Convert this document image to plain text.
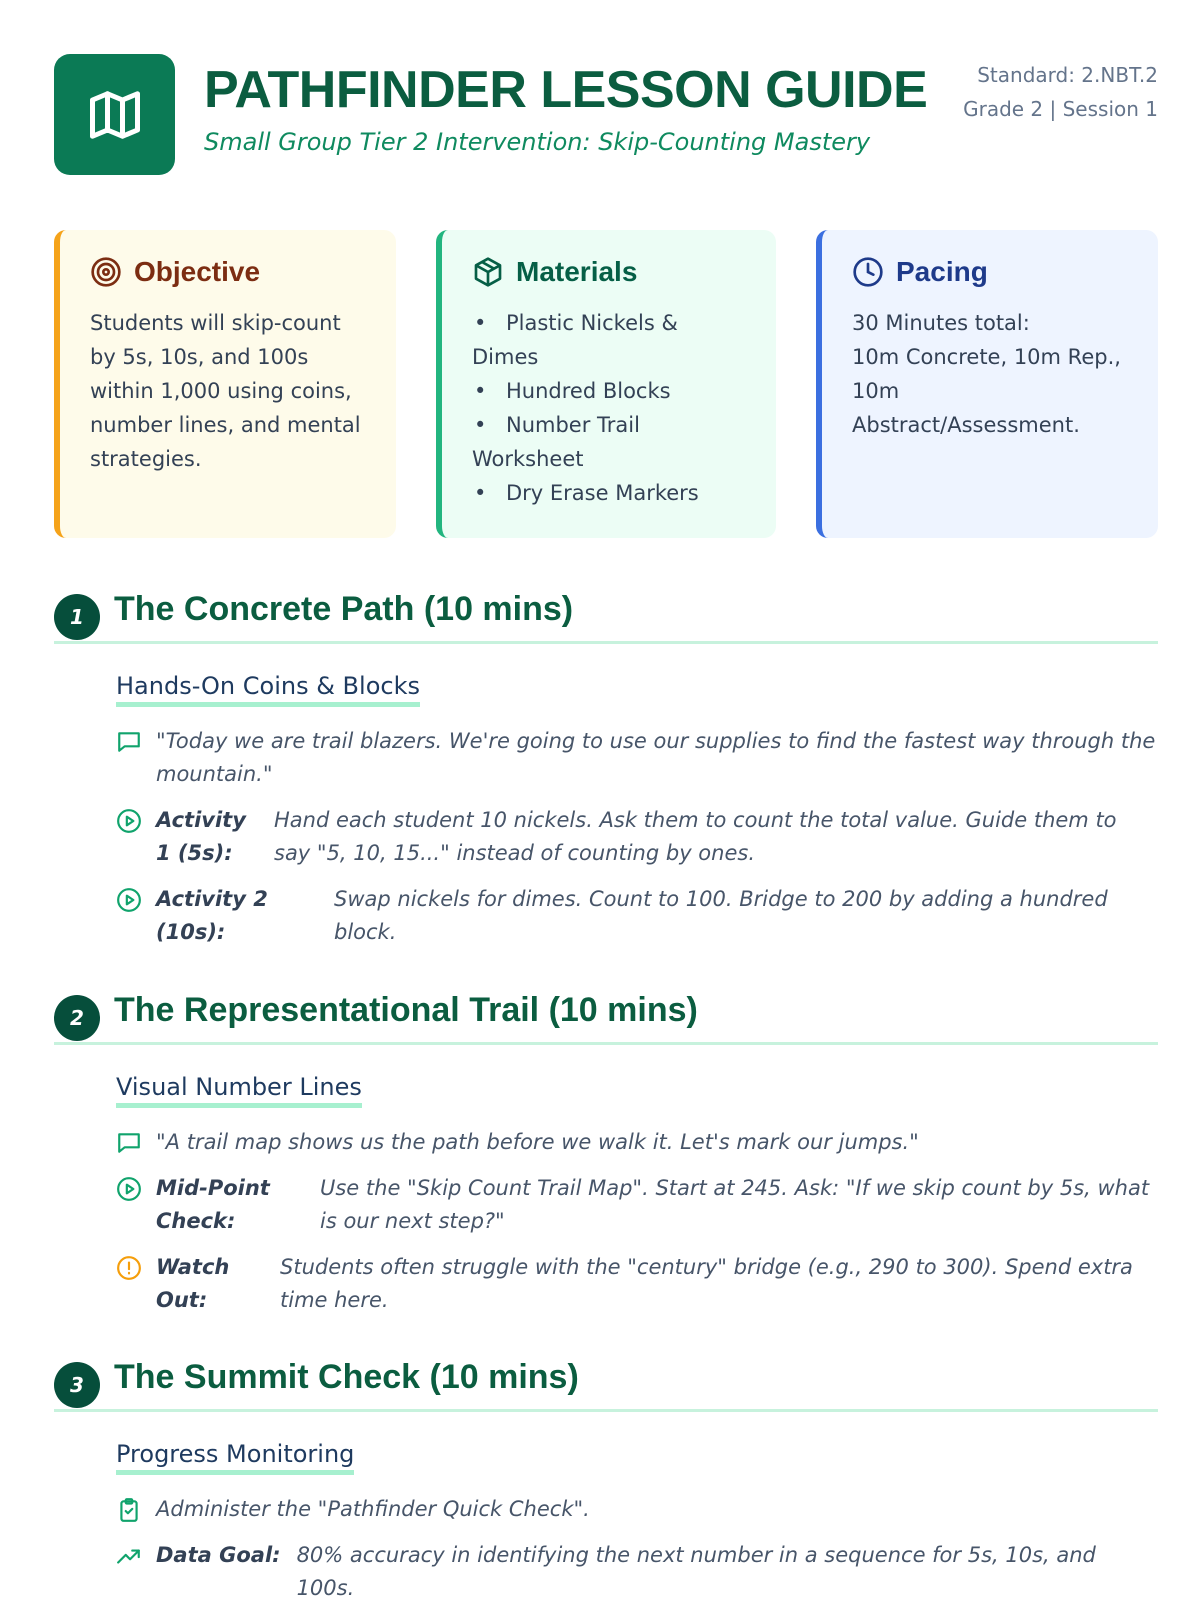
PATHFINDER LESSON GUIDE
Small Group Tier 2 Intervention: Skip-Counting Mastery
Standard: 2.NBT.2
Grade 2 | Session 1
Objective
Students will skip-count by 5s, 10s, and 100s within 1,000 using coins, number lines, and mental strategies.
Materials
• Plastic Nickels & Dimes
• Hundred Blocks
• Number Trail Worksheet
• Dry Erase Markers
Pacing
30 Minutes total:
10m Concrete, 10m Rep., 10m Abstract/Assessment.
1 The Concrete Path (10 mins)
Hands-On Coins & Blocks
"Today we are trail blazers. We're going to use our supplies to find the fastest way through the mountain."
Activity 1 (5s):
Hand each student 10 nickels. Ask them to count the total value. Guide them to say "5, 10, 15..." instead of counting by ones.
Activity 2 (10s):
Swap nickels for dimes. Count to 100. Bridge to 200 by adding a hundred block.
2 The Representational Trail (10 mins)
Visual Number Lines
"A trail map shows us the path before we walk it. Let's mark our jumps."
Mid-Point Check:
Use the "Skip Count Trail Map". Start at 245. Ask: "If we skip count by 5s, what is our next step?"
Watch Out:
Students often struggle with the "century" bridge (e.g., 290 to 300). Spend extra time here.
3 The Summit Check (10 mins)
Progress Monitoring
Administer the "Pathfinder Quick Check".
Data Goal: 80% accuracy in identifying the next number in a sequence for 5s, 10s, and 100s.
